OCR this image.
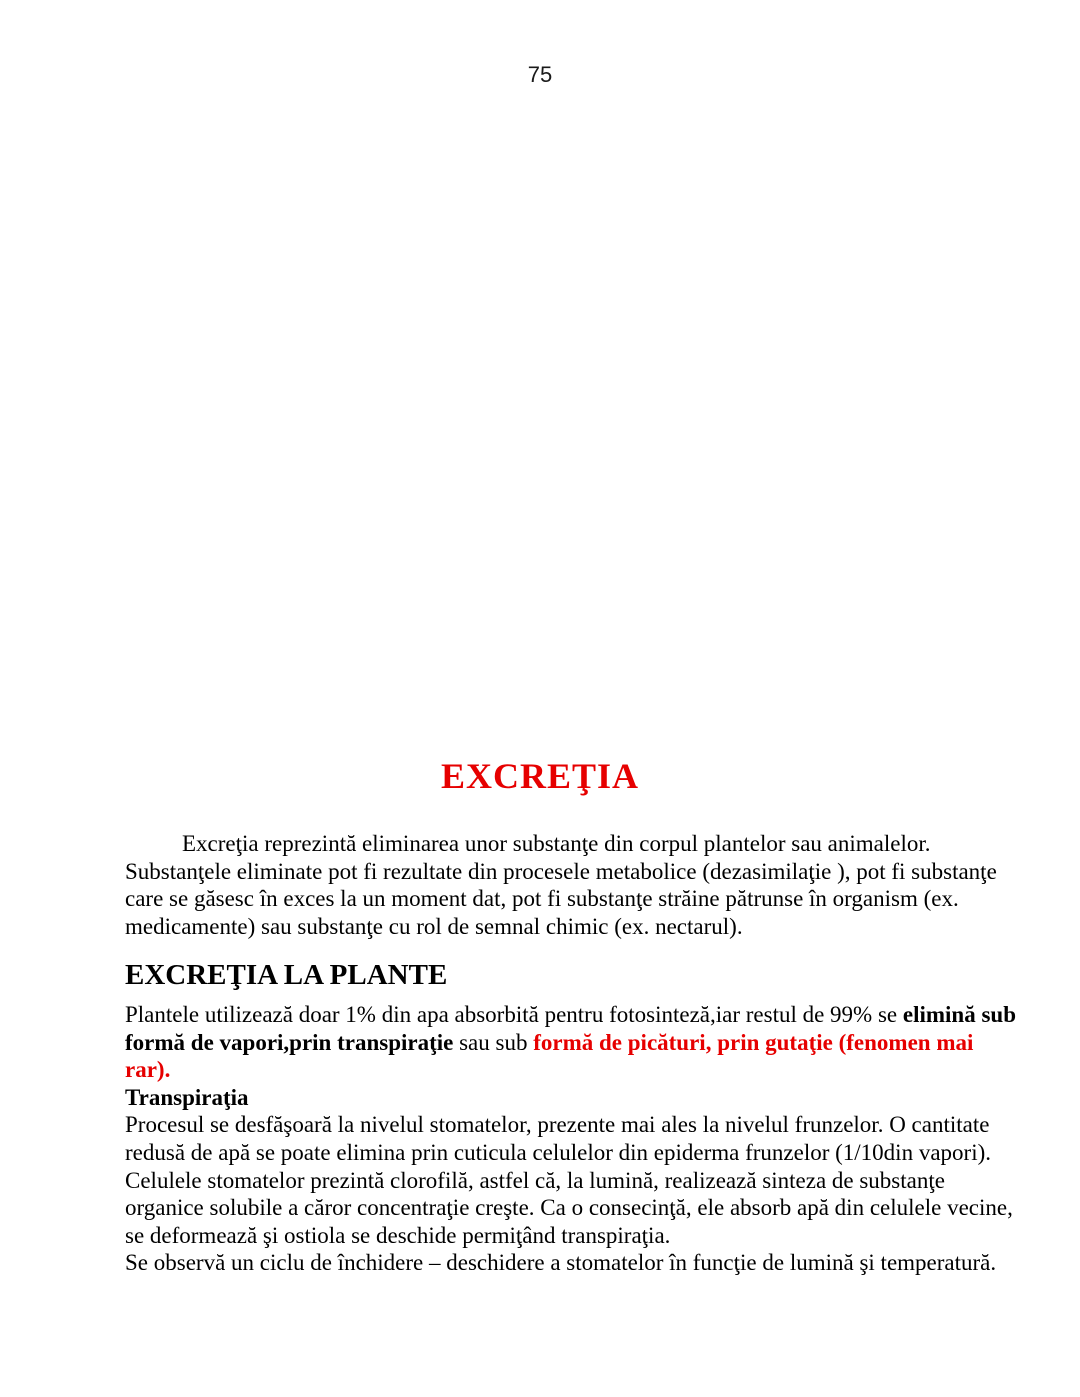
75
EXCREŢIA
Excreţia reprezintă eliminarea unor substanţe din corpul plantelor sau animalelor.
Substanţele eliminate pot fi rezultate din procesele metabolice (dezasimilaţie ), pot fi substanţe
care se găsesc în exces la un moment dat, pot fi substanţe străine pătrunse în organism (ex.
medicamente) sau substanţe cu rol de semnal chimic (ex. nectarul).
EXCREŢIA LA PLANTE
Plantele utilizează doar 1% din apa absorbită pentru fotosinteză,iar restul de 99% se elimină sub
formă de vapori,prin transpiraţie sau sub formă de picături, prin gutaţie (fenomen mai
rar).
Transpiraţia
Procesul se desfăşoară la nivelul stomatelor, prezente mai ales la nivelul frunzelor. O cantitate
redusă de apă se poate elimina prin cuticula celulelor din epiderma frunzelor (1/10din vapori).
Celulele stomatelor prezintă clorofilă, astfel că, la lumină, realizează sinteza de substanţe
organice solubile a căror concentraţie creşte. Ca o consecinţă, ele absorb apă din celulele vecine,
se deformează şi ostiola se deschide permiţând transpiraţia.
Se observă un ciclu de închidere – deschidere a stomatelor în funcţie de lumină şi temperatură.
